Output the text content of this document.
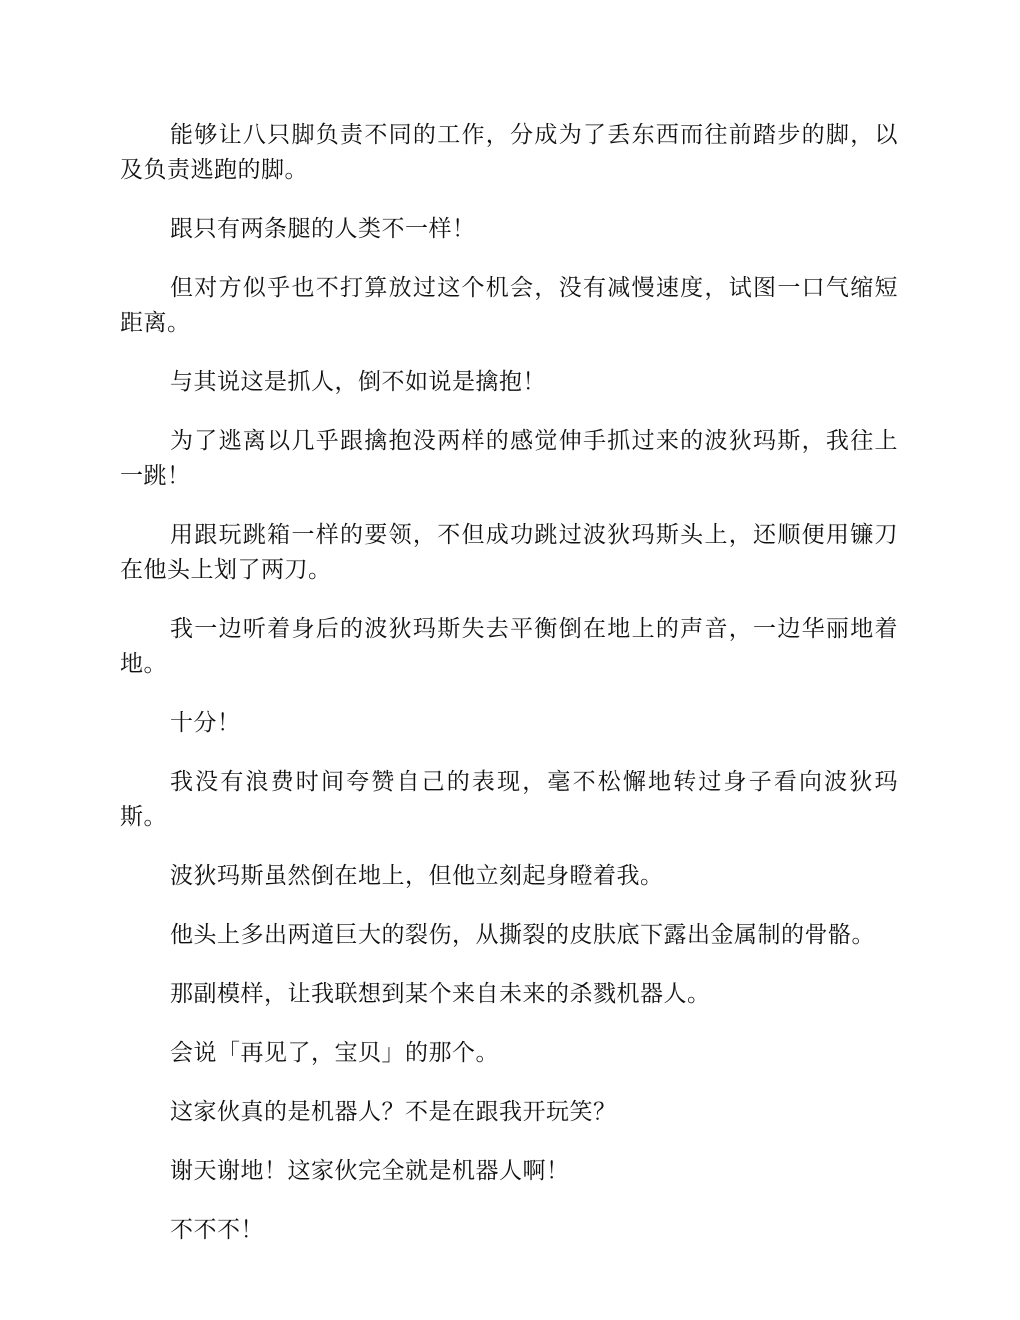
能够让八只脚负责不同的工作，分成为了丢东西而往前踏步的脚，以及负责逃跑的脚。

跟只有两条腿的人类不一样！

但对方似乎也不打算放过这个机会，没有减慢速度，试图一口气缩短距离。

与其说这是抓人，倒不如说是擒抱！

为了逃离以几乎跟擒抱没两样的感觉伸手抓过来的波狄玛斯，我往上一跳！

用跟玩跳箱一样的要领，不但成功跳过波狄玛斯头上，还顺便用镰刀在他头上划了两刀。

我一边听着身后的波狄玛斯失去平衡倒在地上的声音，一边华丽地着地。

十分！

我没有浪费时间夸赞自己的表现，毫不松懈地转过身子看向波狄玛斯。

波狄玛斯虽然倒在地上，但他立刻起身瞪着我。

他头上多出两道巨大的裂伤，从撕裂的皮肤底下露出金属制的骨骼。

那副模样，让我联想到某个来自未来的杀戮机器人。

会说「再见了，宝贝」的那个。

这家伙真的是机器人？不是在跟我开玩笑？

谢天谢地！这家伙完全就是机器人啊！

不不不！
